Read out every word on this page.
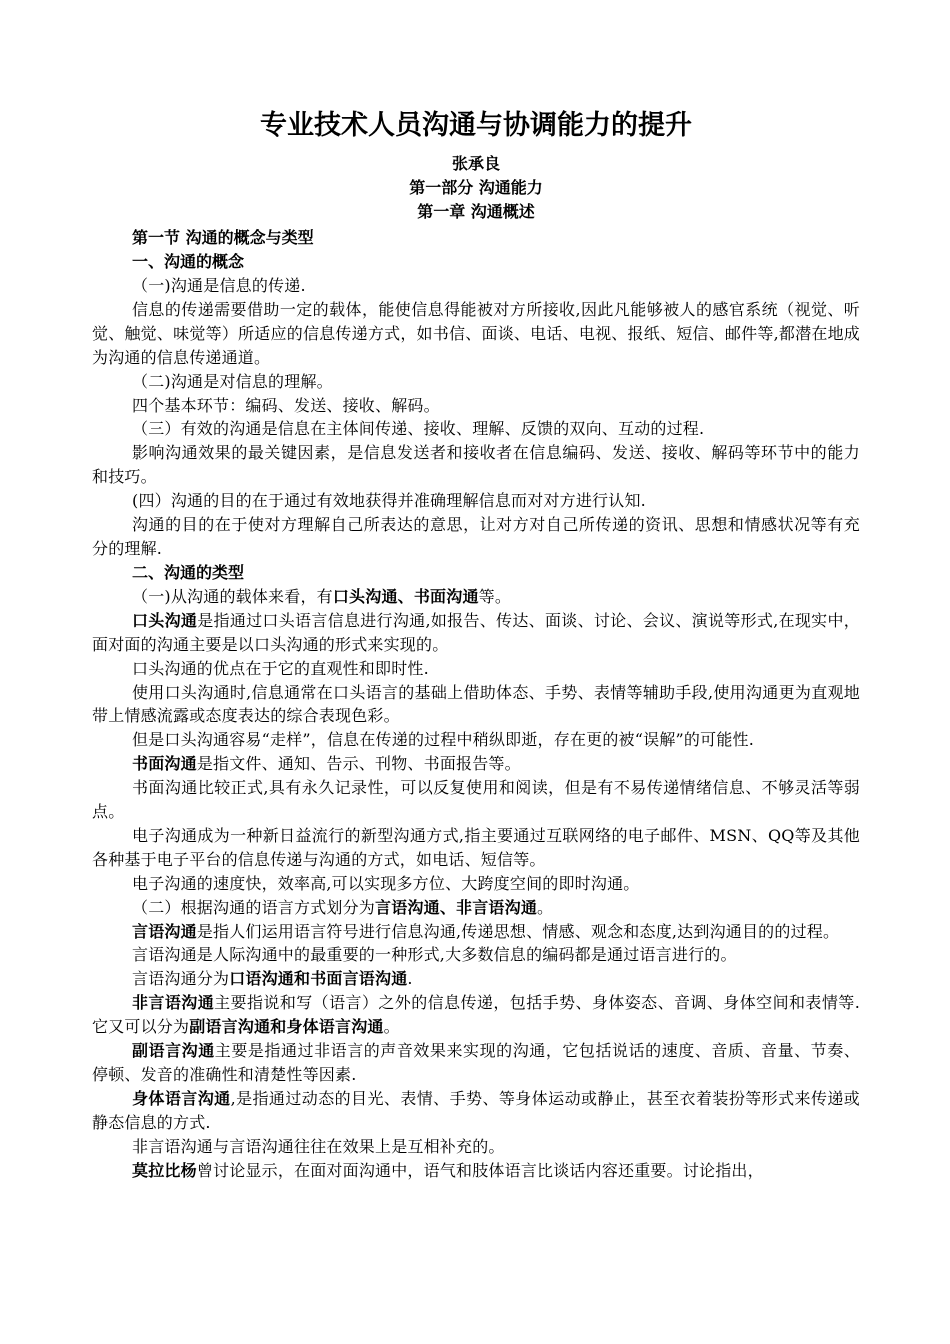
专业技术人员沟通与协调能力的提升
张承良
第一部分 沟通能力
第一章 沟通概述
第一节 沟通的概念与类型
一、沟通的概念

（一)沟通是信息的传递.

信息的传递需要借助一定的载体，能使信息得能被对方所接收,因此凡能够被人的感官系统（视觉、听觉、触觉、味觉等）所适应的信息传递方式，如书信、面谈、电话、电视、报纸、短信、邮件等,都潜在地成为沟通的信息传递通道。

（二)沟通是对信息的理解。

四个基本环节：编码、发送、接收、解码。

（三）有效的沟通是信息在主体间传递、接收、理解、反馈的双向、互动的过程.

影响沟通效果的最关键因素，是信息发送者和接收者在信息编码、发送、接收、解码等环节中的能力和技巧。

(四）沟通的目的在于通过有效地获得并准确理解信息而对对方进行认知.

沟通的目的在于使对方理解自己所表达的意思，让对方对自己所传递的资讯、思想和情感状况等有充分的理解.

二、沟通的类型

（一)从沟通的载体来看，有口头沟通、书面沟通等。

口头沟通是指通过口头语言信息进行沟通,如报告、传达、面谈、讨论、会议、演说等形式,在现实中，面对面的沟通主要是以口头沟通的形式来实现的。

口头沟通的优点在于它的直观性和即时性.

使用口头沟通时,信息通常在口头语言的基础上借助体态、手势、表情等辅助手段,使用沟通更为直观地带上情感流露或态度表达的综合表现色彩。

但是口头沟通容易“走样”，信息在传递的过程中稍纵即逝，存在更的被“误解”的可能性.

书面沟通是指文件、通知、告示、刊物、书面报告等。

书面沟通比较正式,具有永久记录性，可以反复使用和阅读，但是有不易传递情绪信息、不够灵活等弱点。

电子沟通成为一种新日益流行的新型沟通方式,指主要通过互联网络的电子邮件、MSN、QQ等及其他各种基于电子平台的信息传递与沟通的方式，如电话、短信等。

电子沟通的速度快，效率高,可以实现多方位、大跨度空间的即时沟通。

（二）根据沟通的语言方式划分为言语沟通、非言语沟通。

言语沟通是指人们运用语言符号进行信息沟通,传递思想、情感、观念和态度,达到沟通目的的过程。

言语沟通是人际沟通中的最重要的一种形式,大多数信息的编码都是通过语言进行的。

言语沟通分为口语沟通和书面言语沟通.

非言语沟通主要指说和写（语言）之外的信息传递，包括手势、身体姿态、音调、身体空间和表情等.它又可以分为副语言沟通和身体语言沟通。

副语言沟通主要是指通过非语言的声音效果来实现的沟通，它包括说话的速度、音质、音量、节奏、停顿、发音的准确性和清楚性等因素.

身体语言沟通,是指通过动态的目光、表情、手势、等身体运动或静止，甚至衣着装扮等形式来传递或静态信息的方式.

非言语沟通与言语沟通往往在效果上是互相补充的。

莫拉比杨曾讨论显示，在面对面沟通中，语气和肢体语言比谈话内容还重要。讨论指出，
